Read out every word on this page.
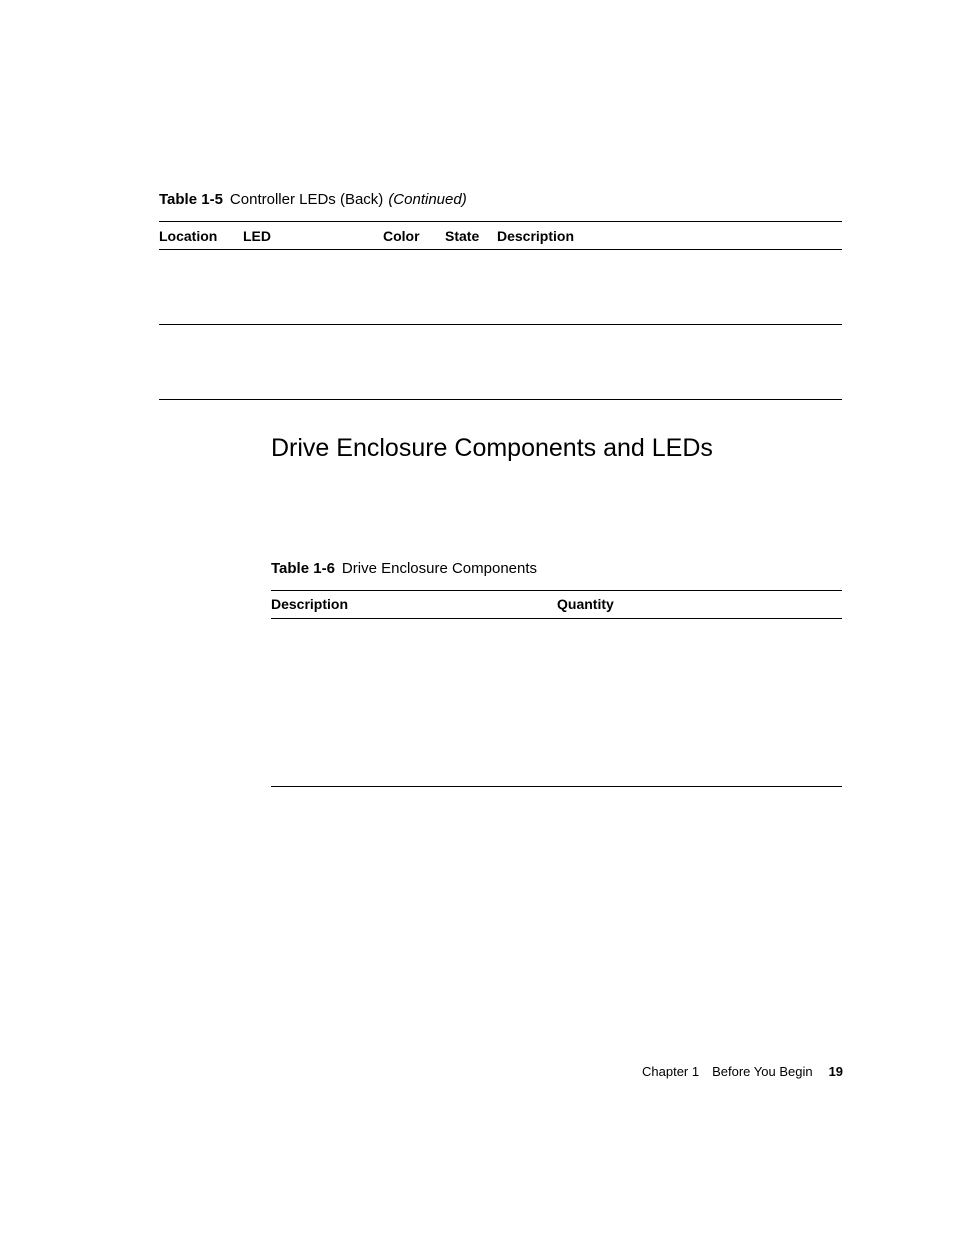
Table 1-5 Controller LEDs (Back) (Continued)
Location LED	Color State Description
Drive Enclosure Components and LEDs
Table 1-6 Drive Enclosure Components
Description	Quantity
Chapter 1 Before You Begin 19
